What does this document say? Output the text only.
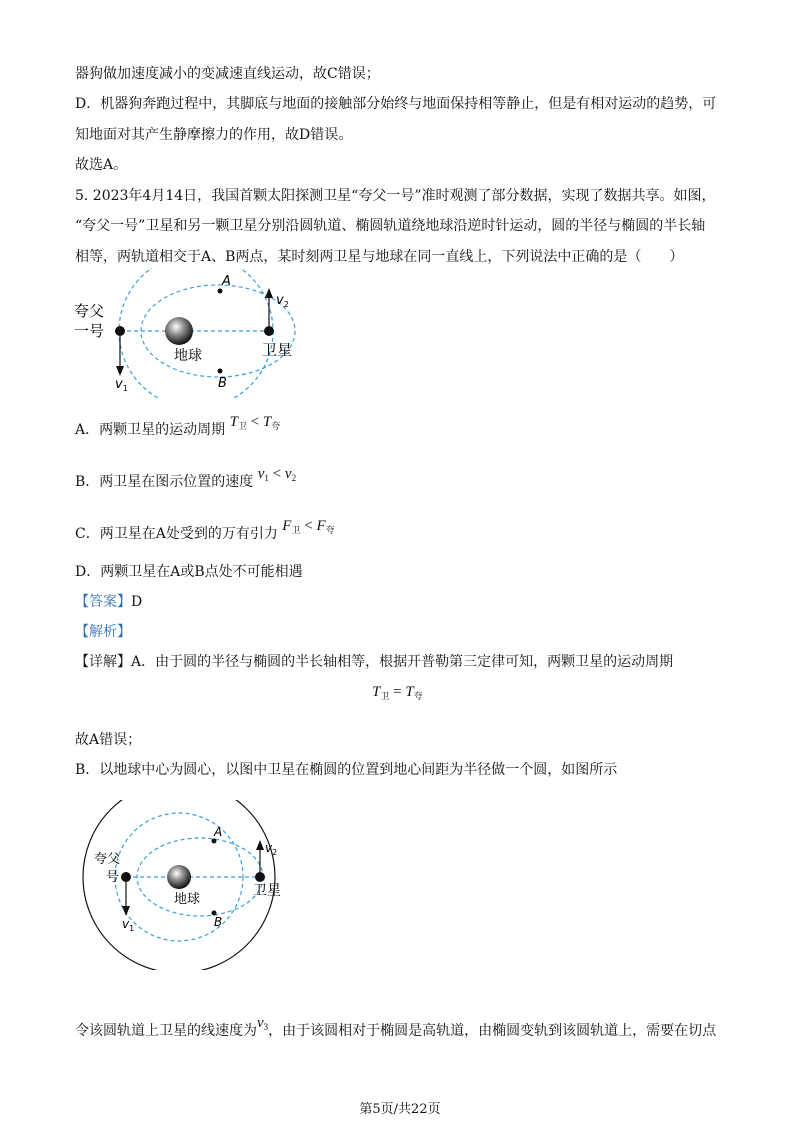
器狗做加速度减小的变减速直线运动，故C错误；
D．机器狗奔跑过程中，其脚底与地面的接触部分始终与地面保持相等静止，但是有相对运动的趋势，可
知地面对其产生静摩擦力的作用，故D错误。
故选A。
5. 2023年4月14日，我国首颗太阳探测卫星“夸父一号”准时观测了部分数据，实现了数据共享。如图，
“夸父一号”卫星和另一颗卫星分别沿圆轨道、椭圆轨道绕地球沿逆时针运动，圆的半径与椭圆的半长轴
相等，两轨道相交于A、B两点，某时刻两卫星与地球在同一直线上，下列说法中正确的是（　　）
夸父
一号
地球	卫星
A
B
$v_1$
$v_2$
A．两颗卫星的运动周期 $T_卫 < T_夸$
B．两卫星在图示位置的速度 $v_1 < v_2$
C．两卫星在A处受到的万有引力 $F_卫 < F_夸$
D．两颗卫星在A或B点处不可能相遇
【答案】D
【解析】
【详解】A．由于圆的半径与椭圆的半长轴相等，根据开普勒第三定律可知，两颗卫星的运动周期
$T_卫 = T_夸$
故A错误；
B．以地球中心为圆心，以图中卫星在椭圆的位置到地心间距为半径做一个圆，如图所示
夸父
号
地球
卫星
A
B
$v_1$
$v_2$
令该圆轨道上卫星的线速度为$v_3$，由于该圆相对于椭圆是高轨道，由椭圆变轨到该圆轨道上，需要在切点
第5页/共22页
